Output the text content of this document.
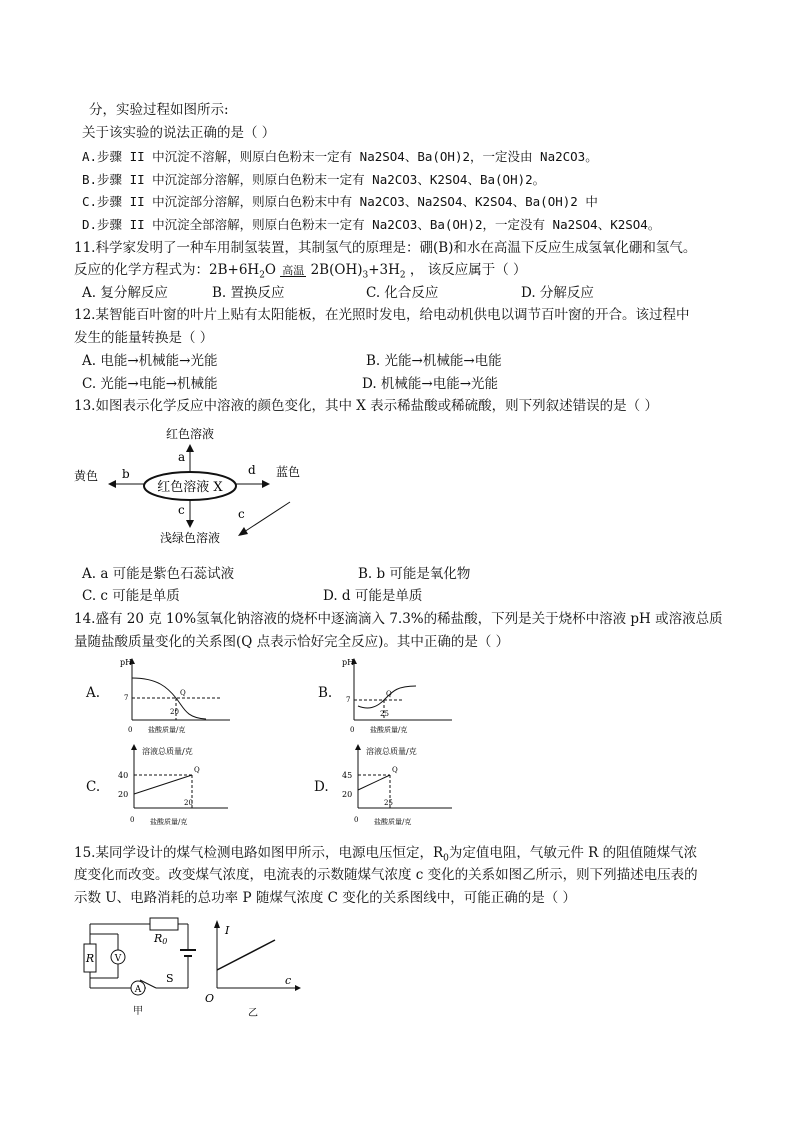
分，实验过程如图所示:
关于该实验的说法正确的是（ ）
A.步骤 II 中沉淀不溶解，则原白色粉末一定有 Na2SO4、Ba(OH)2，一定没由 Na2CO3。
B.步骤 II 中沉淀部分溶解，则原白色粉末一定有 Na2CO3、K2SO4、Ba(OH)2。
C.步骤 II 中沉淀部分溶解，则原白色粉末中有 Na2CO3、Na2SO4、K2SO4、Ba(OH)2 中
D.步骤 II 中沉淀全部溶解，则原白色粉末一定有 Na2CO3、Ba(OH)2，一定没有 Na2SO4、K2SO4。
11.科学家发明了一种车用制氢装置，其制氢气的原理是：硼(B)和水在高温下反应生成氢氧化硼和氢气。
反应的化学方程式为：$2B+6H_2O$ 高温 $2B(OH)_3+3H_2$ ， 该反应属于（ ）
A. 复分解反应	B. 置换反应	C. 化合反应	D. 分解反应
12.某智能百叶窗的叶片上贴有太阳能板，在光照时发电，给电动机供电以调节百叶窗的开合。该过程中
发生的能量转换是（ ）
A. 电能→机械能→光能	B. 光能→机械能→电能
C. 光能→电能→机械能	D. 机械能→电能→光能
13.如图表示化学反应中溶液的颜色变化，其中 X 表示稀盐酸或稀硫酸，则下列叙述错误的是（ ）
红色溶液 X
a
红色溶液
b
黄色	d 蓝色
c
浅绿色溶液
c
A. a 可能是紫色石蕊试液	B. b 可能是氧化物
C. c 可能是单质	D. d 可能是单质
14.盛有 20 克 10%氢氧化钠溶液的烧杯中逐滴滴入 7.3%的稀盐酸，下列是关于烧杯中溶液 pH 或溶液总质
量随盐酸质量变化的关系图(Q 点表示恰好完全反应)。其中正确的是（ ）
A.
pH
7
Q
0
20
盐酸质量/克
B.
pH
7
Q
0
25
盐酸质量/克
C.
溶液总质量/克
40
20
Q
0
20
盐酸质量/克
D.
溶液总质量/克
45
20
Q
0
25
盐酸质量/克
15.某同学设计的煤气检测电路如图甲所示，电源电压恒定，$R_0$为定值电阻，气敏元件 R 的阻值随煤气浓
度变化而改变。改变煤气浓度，电流表的示数随煤气浓度 c 变化的关系如图乙所示，则下列描述电压表的
示数 U、电路消耗的总功率 P 随煤气浓度 C 变化的关系图线中，可能正确的是（ ）
R0
S
A
R V
甲
I
O
c
乙
